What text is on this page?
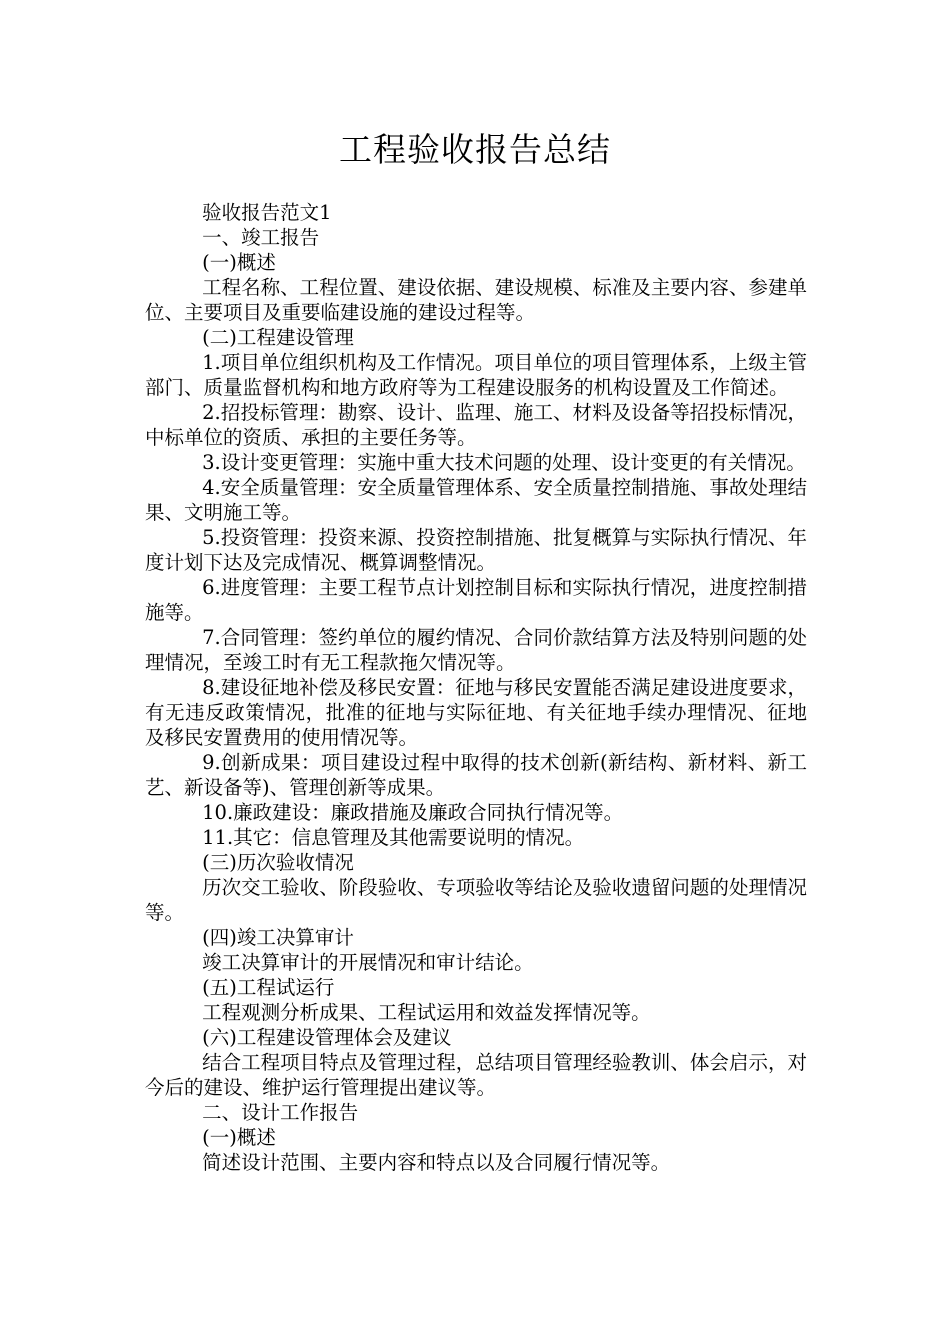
工程验收报告总结

验收报告范文1

一、竣工报告

(一)概述

工程名称、工程位置、建设依据、建设规模、标准及主要内容、参建单位、主要项目及重要临建设施的建设过程等。

(二)工程建设管理

1.项目单位组织机构及工作情况。项目单位的项目管理体系，上级主管部门、质量监督机构和地方政府等为工程建设服务的机构设置及工作简述。

2.招投标管理：勘察、设计、监理、施工、材料及设备等招投标情况，中标单位的资质、承担的主要任务等。

3.设计变更管理：实施中重大技术问题的处理、设计变更的有关情况。

4.安全质量管理：安全质量管理体系、安全质量控制措施、事故处理结果、文明施工等。

5.投资管理：投资来源、投资控制措施、批复概算与实际执行情况、年度计划下达及完成情况、概算调整情况。

6.进度管理：主要工程节点计划控制目标和实际执行情况，进度控制措施等。

7.合同管理：签约单位的履约情况、合同价款结算方法及特别问题的处理情况，至竣工时有无工程款拖欠情况等。

8.建设征地补偿及移民安置：征地与移民安置能否满足建设进度要求，有无违反政策情况，批准的征地与实际征地、有关征地手续办理情况、征地及移民安置费用的使用情况等。

9.创新成果：项目建设过程中取得的技术创新(新结构、新材料、新工艺、新设备等)、管理创新等成果。

10.廉政建设：廉政措施及廉政合同执行情况等。

11.其它：信息管理及其他需要说明的情况。

(三)历次验收情况

历次交工验收、阶段验收、专项验收等结论及验收遗留问题的处理情况等。

(四)竣工决算审计

竣工决算审计的开展情况和审计结论。

(五)工程试运行

工程观测分析成果、工程试运用和效益发挥情况等。

(六)工程建设管理体会及建议

结合工程项目特点及管理过程，总结项目管理经验教训、体会启示，对今后的建设、维护运行管理提出建议等。

二、设计工作报告

(一)概述

简述设计范围、主要内容和特点以及合同履行情况等。
